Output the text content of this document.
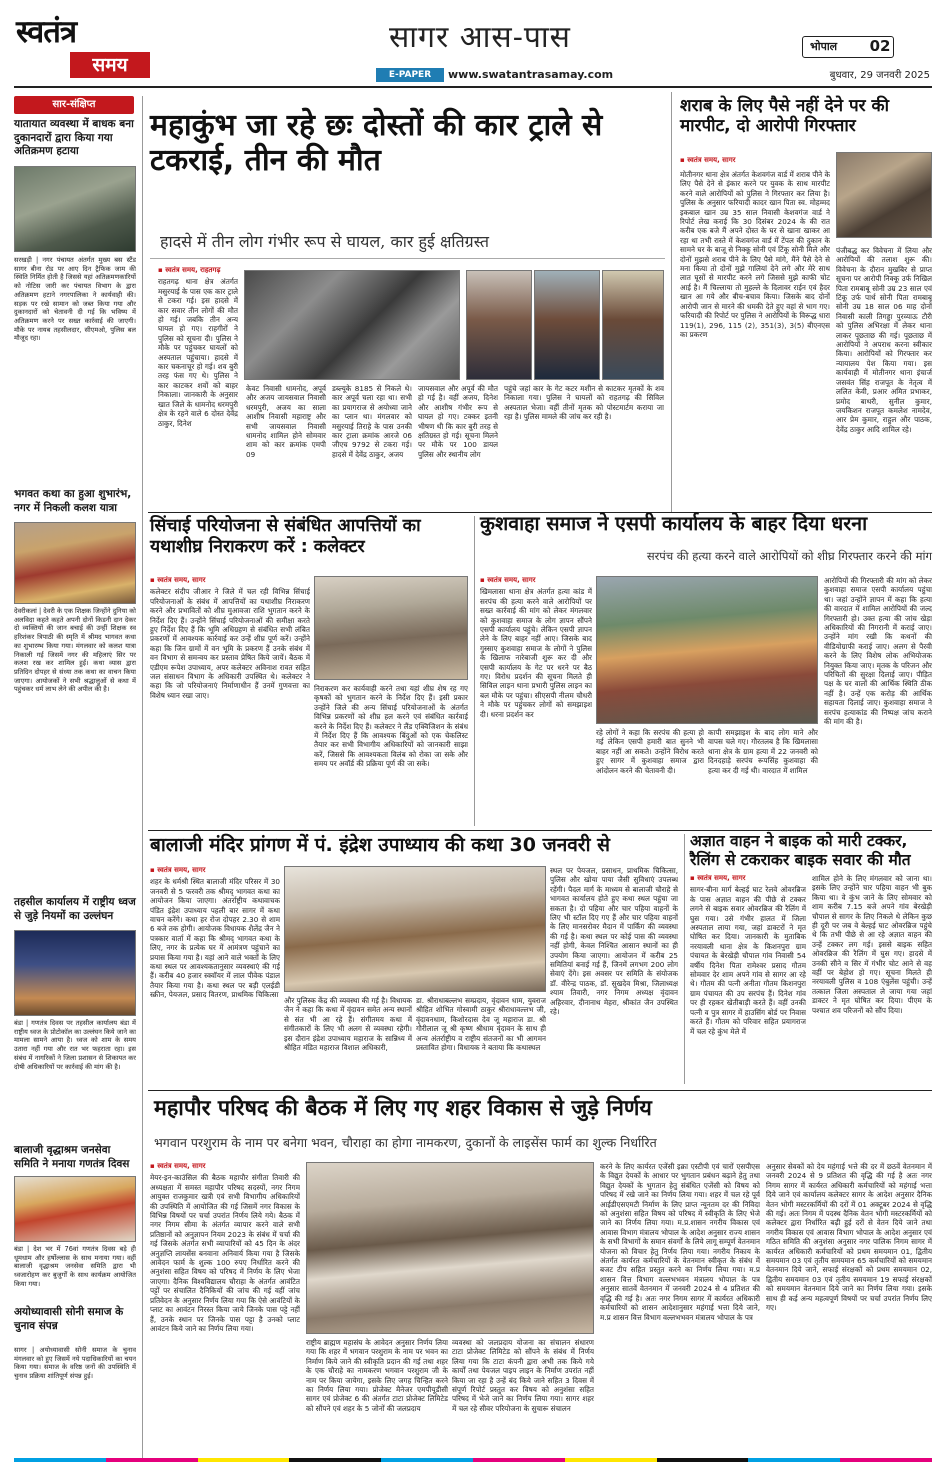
स्वतंत्र
समय
सागर आस-पास
E-PAPER	www.swatantrasamay.com
भोपाल	02
बुधवार, 29 जनवरी 2025
सार-संक्षिप्त
यातायात व्यवस्था में बाधक बना दुकानदारों द्वारा किया गया अतिक्रमण हटाया
सरखड़ी | नगर पंचायत अंतर्गत मुख्य बस स्टैंड सागर बीना रोड पर आए दिन ट्रैफिक जाम की स्थिति निर्मित होती है जिससे यहां अतिक्रमणकारियों को नोटिस जारी कर पंचायत विभाग के द्वारा अतिक्रमण हटाने नगरपालिका ने कार्यवाही की। सड़क पर रखे सामान को जब्त किया गया और दुकानदारों को चेतावनी दी गई कि भविष्य में अतिक्रमण करने पर सख्त कार्रवाई की जाएगी। मौके पर नायब तहसीलदार, सीएमओ, पुलिस बल मौजूद रहा।
भगवत कथा का हुआ शुभारंभ, नगर में निकली कलश यात्रा
देवरीकलां | देवरी के एक शिक्षक जिन्होंने दुनिया को अलविदा कहते कहते अपनी दोनों किडनी दान देकर दो व्यक्तियों की जान बचाई की उन्हीं शिक्षक स्व हरिशंकर त्रिपाठी की स्मृति में श्रीमद भागवत कथा का शुभारम्भ किया गया। मंगलवार को कलश यात्रा निकाली गई जिसमें नगर की महिलाएं सिर पर कलश रख कर शामिल हुईं। कथा व्यास द्वारा प्रतिदिन दोपहर से संध्या तक कथा का वाचन किया जाएगा। आयोजकों ने सभी श्रद्धालुओं से कथा में पहुंचकर धर्म लाभ लेने की अपील की है।
तहसील कार्यालय में राष्ट्रीय ध्वज से जुड़े नियमों का उल्लंघन
बंडा | गणतंत्र दिवस पर तहसील कार्यालय बंडा में राष्ट्रीय ध्वज के प्रोटोकॉल का उल्लंघन किये जाने का मामला सामने आया है। ध्वज को शाम के समय उतारा नहीं गया और रात भर फहराता रहा। इस संबंध में नागरिकों ने जिला प्रशासन से शिकायत कर दोषी अधिकारियों पर कार्रवाई की मांग की है।
बालाजी वृद्धाश्रम जनसेवा समिति ने मनाया गणतंत्र दिवस
बंडा | देश भर में 76वां गणतंत्र दिवस बड़े ही धूमधाम और हर्षोल्लास के साथ मनाया गया। वहीं बालाजी वृद्धाश्रम जनसेवा समिति द्वारा भी ध्वजारोहण कर बुजुर्गों के साथ कार्यक्रम आयोजित किया गया।
अयोध्यावासी सोनी समाज के चुनाव संपन्न
सागर | अयोध्यावासी सोनी समाज के चुनाव मंगलवार को हुए जिसमें नये पदाधिकारियों का चयन किया गया। समाज के वरिष्ठ जनों की उपस्थिति में चुनाव प्रक्रिया शांतिपूर्ण संपन्न हुई।
महाकुंभ जा रहे छः दोस्तों की कार ट्राले से टकराई, तीन की मौत
हादसे में तीन लोग गंभीर रूप से घायल, कार हुई क्षतिग्रस्त
▪ स्वतंत्र समय, राहतगढ़
राहतगढ़ थाना क्षेत्र अंतर्गत मसुरयाई के पास एक कार ट्राले से टकरा गई। इस हादसे में कार सवार तीन लोगों की मौत हो गई। जबकि तीन अन्य घायल हो गए। राहगीरों ने पुलिस को सूचना दी। पुलिस ने मौके पर पहुंचकर घायलों को अस्पताल पहुंचाया। हादसे में कार चकनाचूर हो गई। शव बुरी तरह फंस गए थे। पुलिस ने कार काटकर शवों को बाहर निकाला। जानकारी के अनुसार खात जिले के धामनोद धरमपुरी क्षेत्र के रहने वाले 6 दोस्त देवेंद्र ठाकुर, दिनेश
केवट निवासी धामनोद, अपूर्व और अजय जायसवाल निवासी धरमपुरी, अजय का साला आशीष निवासी महाराष्ट्र और सभी जायसवाल निवासी धामनोद शामिल होने सोमवार शाम को कार क्रमांक एमपी 09
डब्ल्यूके 8185 से निकले थे। कार अपूर्व चला रहा था। सभी का प्रयागराज से अयोध्या जाने का प्लान था। मंगलवार को मसुरयाई तिराहे के पास उनकी कार ट्राला क्रमांक आरजे 06 जीएच 9792 से टकरा गई। हादसे में देवेंद्र ठाकुर, अजय
जायसवाल और अपूर्व की मौत हो गई है। वहीं अजय, दिनेश और आशीष गंभीर रूप से घायल हो गए। टक्कर इतनी भीषण थी कि कार बुरी तरह से क्षतिग्रस्त हो गई। सूचना मिलने पर मौके पर 100 डायल पुलिस और स्थानीय लोग
पहुंचे जहां कार के गेट कटर मशीन से काटकर मृतकों के शव निकाला गया। पुलिस ने घायलों को राहतगढ़ की सिविल अस्पताल भेजा। वहीं तीनों मृतक को पोस्टमार्टम कराया जा रहा है। पुलिस मामले की जांच कर रही है।
शराब के लिए पैसे नहीं देने पर की मारपीट, दो आरोपी गिरफ्तार
▪ स्वतंत्र समय, सागर
मोतीनगर थाना क्षेत्र अंतर्गत केशवगंज वार्ड में शराब पीने के लिए पैसे देने से इंकार करने पर युवक के साथ मारपीट करने वाले आरोपियों को पुलिस ने गिरफ्तार कर लिया है। पुलिस के अनुसार फरियादी कादर खान पिता स्व. मोहम्मद इकबाल खान उम्र 35 साल निवासी केशवगंज वार्ड ने रिपोर्ट लेख कराई कि 30 दिसंबर 2024 के की रात करीब एक बजे मैं अपने दोस्त के घर से खाना खाकर आ रहा था तभी रास्ते में केशवगंज वार्ड में टेंपल की दुकान के सामने घर के बाजू से निक्कू सोनी एवं टिंकू सोनी मिले और दोनों मुझसे शराब पीने के लिए पैसे मांगे, मैंने पैसे देने से मना किया तो दोनों मुझे गालियां देने लगे और मेरे साथ लात घूसों से मारपीट करने लगे जिससे मुझे काफी चोट आई है। मैं चिल्लाया तो मुहल्ले के दिलावर राईन एवं हैदर खान आ गये और बीच-बचाव किया। जिसके बाद दोनों आरोपी जान से मारने की धमकी देते हुए वहां से भाग गए। फरियादी की रिपोर्ट पर पुलिस ने आरोपियों के विरूद्ध धारा 119(1), 296, 115 (2), 351(3), 3(5) बीएनएस का प्रकरण
पंजीबद्ध कर विवेचना में लिया और आरोपियों की तलाश शुरू की। विवेचना के दौरान मुखबिर से प्राप्त सूचना पर आरोपी निक्कू उर्फ निखिल पिता रामबाबू सोनी उम्र 23 साल एवं टिंकू उर्फ पार्थ सोनी पिता रामबाबू सोनी उम्र 18 साल 06 माह दोनों निवासी काली तिगड्डा पुरव्याऊ टौरी को पुलिस अभिरक्षा में लेकर थाना लाकर पूछताछ की गई। पूछताछ में आरोपियों ने अपराध करना स्वीकार किया। आरोपियों को गिरफ्तार कर न्यायालय पेश किया गया। इस कार्यवाही में मोतीनगर थाना इंचार्ज जसवंत सिंह राजपूत के नेतृत्व में ललित केवी, प्रआर अमित प्रभाकर, प्रमोद बाथरी, सुनील कुमार, जयकिशन राजपूत कमलेश नामदेव, आर प्रेम कुमार, राहुल और पाठक, देवेंद्र ठाकुर आदि शामिल रहे।
सिंचाई परियोजना से संबंधित आपत्तियों का यथाशीघ्र निराकरण करें : कलेक्टर
▪ स्वतंत्र समय, सागर
कलेक्टर संदीप जीआर ने जिले में चल रही विभिन्न सिंचाई परियोजनाओं के संबंध में आपत्तियों का यथाशीघ्र निराकरण करने और प्रभावितों को शीघ्र मुआवजा राशि भुगतान करने के निर्देश दिए हैं। उन्होंने सिंचाई परियोजनाओं की समीक्षा करते हुए निर्देश दिए हैं कि भूमि अधिग्रहण से संबंधित सभी लंबित प्रकरणों में आवश्यक कार्रवाई कर उन्हें शीघ्र पूर्ण करें। उन्होंने कहा कि जिन ग्रामों में वन भूमि के प्रकरण हैं उनके संबंध में वन विभाग से समन्वय कर प्रस्ताव प्रेषित किये जायें। बैठक में एडीएम रूपेश उपाध्याय, अपर कलेक्टर अविनाश रावत सहित जल संसाधन विभाग के अधिकारी उपस्थित थे। कलेक्टर ने कहा कि जो परियोजनाएं निर्माणाधीन हैं उनमें गुणवत्ता का विशेष ध्यान रखा जाए।
निराकरण कर कार्यवाही करने तथा यहां शीघ्र शेष रह गए कृषकों को भुगतान करने के निर्देश दिए हैं। इसी प्रकार उन्होंने जिले की अन्य सिंचाई परियोजनाओं के अंतर्गत विभिन्न प्रकरणों को शीघ्र हल करने एवं संबंधित कार्रवाई करने के निर्देश दिए हैं। कलेक्टर ने लैंड एक्विजिशन के संबंध में निर्देश दिए हैं कि आवश्यक बिंदुओं को एक चेकलिस्ट तैयार कर सभी विभागीय अधिकारियों को जानकारी साझा करें, जिससे कि आवश्यकता विलंब को रोका जा सके और समय पर अवॉर्ड की प्रक्रिया पूर्ण की जा सके।
कुशवाहा समाज ने एसपी कार्यालय के बाहर दिया धरना
सरपंच की हत्या करने वाले आरोपियों को शीघ्र गिरफ्तार करने की मांग
▪ स्वतंत्र समय, सागर
खिमलासा थाना क्षेत्र अंतर्गत हत्या कांड में सरपंच की हत्या करने वाले आरोपियों पर सख्त कार्रवाई की मांग को लेकर मंगलवार को कुशवाहा समाज के लोग ज्ञापन सौंपने एसपी कार्यालय पहुंचे। लेकिन एसपी ज्ञापन लेने के लिए बाहर नहीं आए। जिसके बाद गुस्साए कुशवाहा समाज के लोगों ने पुलिस के खिलाफ नारेबाजी शुरू कर दी और एसपी कार्यालय के गेट पर धरने पर बैठ गए। विरोध प्रदर्शन की सूचना मिलते ही सिविल लाइन थाना प्रभारी पुलिस लाइन का बल मौके पर पहुंचा। सीएसपी नीलम चौधरी ने मौके पर पहुंचकर लोगों को समझाइश दी। धरना प्रदर्शन कर
रहे लोगों ने कहा कि सरपंच की हत्या हो गई लेकिन एसपी हमारी बात सुनने भी बाहर नहीं आ सकते। उन्होंने विरोध करते हुए सागर में कुशवाहा समाज द्वारा आंदोलन करने की चेतावनी दी।
कापी समझाइश के बाद लोग माने और वापस चले गए। गौरतलब है कि खिमलासा थाना क्षेत्र के ग्राम हत्या में 22 जनवरी को दिनदहाड़े सरपंच रूपसिंह कुशवाहा की हत्या कर दी गई थी। वारदात में शामिल
आरोपियों की गिरफ्तारी की मांग को लेकर कुशवाहा समाज एसपी कार्यालय पहुंचा था। जहां उन्होंने ज्ञापन में कहा कि हत्या की वारदात में शामिल आरोपियों की जल्द गिरफ्तारी हो। उक्त हत्या की जांच खेड़ा अधिकारियों की निगरानी में कराई जाए। उन्होंने मांग रखी कि कथनों की वीडियोग्राफी कराई जाए। अलग से पैरवी करने के लिए विशेष लोक अभियोजक नियुक्त किया जाए। मृतक के परिजन और परिचितों की सुरक्षा दिलाई जाए। पीड़ित पक्ष के घर वालों की आर्थिक स्थिति ठीक नहीं है। उन्हें एक करोड़ की आर्थिक सहायता दिलाई जाए। कुशवाहा समाज ने सरपंच हत्याकांड की निष्पक्ष जांच कराने की मांग की है।
बालाजी मंदिर प्रांगण में पं. इंद्रेश उपाध्याय की कथा 30 जनवरी से
▪ स्वतंत्र समय, सागर
शहर के धर्मश्री स्थित बालाजी मंदिर परिसर में 30 जनवरी से 5 फरवरी तक श्रीमद् भागवत कथा का आयोजन किया जाएगा। अंतर्राष्ट्रीय कथावाचक पंडित इंद्रेश उपाध्याय पहली बार सागर में कथा वाचन करेंगे। कथा हर रोज दोपहर 2.30 से शाम 6 बजे तक होगी। आयोजक विधायक शैलेंद्र जैन ने पत्रकार वार्ता में कहा कि श्रीमद् भागवत कथा के लिए, नगर के प्रत्येक घर में आमंत्रण पहुंचाने का प्रयास किया गया है। यहां आने वाले भक्तों के लिए कथा स्थल पर आवश्यकतानुसार व्यवस्थाएं की गई हैं। करीब 40 हजार स्क्वॉयर में लाल पीवेक पंडाल तैयार किया गया है। कथा स्थल पर बड़ी एलईडी स्क्रीन, पेयजल, प्रसाद वितरण, प्राथमिक चिकित्सा
और पुलिस्क केंद्र की व्यवस्था की गई है। विधायक जैन ने कहा कि कथा में वृंदावन समेत अन्य स्थानों से संत भी आ रहे हैं। संगीतमय कथा में संगीतकारों के लिए भी अलग से व्यवस्था रहेगी। इस दौरान इंद्रेश उपाध्याय महाराज के सान्निध्य में श्रीहित मंडित महाराज विशाल अधिकारी,
डा. श्रीराधाबल्लभ सम्प्रदाय, वृंदावन धाम, युवराज श्रीहित शोभित गोस्वामी ठाकुर श्रीराधावल्लभ जी, वृंदावनधाम, किशोरदास देव जू महाराज डा. श्री गौरीलाल जू श्री कृष्ण श्रीधाम वृंदावन के साथ ही अन्य अंतर्राष्ट्रीय व राष्ट्रीय संतजनों का भी आगमन प्रस्तावित होगा। विधायक ने बताया कि कथास्थल
स्थल पर पेयजल, प्रसाधन, प्राथमिक चिकित्सा, पुलिस और खोया पाया जैसी सुविधाएं उपलब्ध रहेंगी। पैदल मार्ग के माध्यम से बालाजी चौराहे से भागवत कार्यालय होते हुए कथा स्थल पहुंचा जा सकता है। दो पहिया और चार पहिया वाहनों के लिए भी स्टॉल दिए गए हैं और चार पहिया वाहनों के लिए मानसरोवर मैदान में पार्किंग की व्यवस्था की गई है। कथा स्थल पर कोई पास की व्यवस्था नहीं होगी, केवल निश्चित आसान स्थानों का ही उपयोग किया जाएगा। आयोजन में करीब 25 समितियां बनाई गई हैं, जिनमें लगभग 200 लोग सेवाएं देंगे। इस अवसर पर समिति के संयोजक डॉ. वीरेन्द्र पाठक, डॉ. सुखदेव मिश्रा, जिलाध्यक्ष श्याम तिवारी, नगर निगम अध्यक्ष वृंदावन अहिरवार, दीनानाथ मेहरा, श्रीकांत जैन उपस्थित रहे।
अज्ञात वाहन ने बाइक को मारी टक्कर, रैलिंग से टकराकर बाइक सवार की मौत
▪ स्वतंत्र समय, सागर
सागर-बीना मार्ग बेल्हई घाट रेलवे ओवरब्रिज के पास अज्ञात वाहन की पीछे से टक्कर लगने से बाइक सवार ओवरब्रिज की रैलिंग में घुस गया। उसे गंभीर हालत में जिला अस्पताल लाया गया, जहां डाक्टरों ने मृत घोषित कर दिया। जानकारी के मुताबिक नरयावली थाना क्षेत्र के किशनपुरा ग्राम पंचायत के बेरखेड़ी चौपाल गांव निवासी 54 वर्षीय दिनेश पिता रामेश्वर प्रसाद गौतम सोमवार देर शाम अपने गांव से सागर आ रहे थे। गौतम की पत्नी अनीता गौतम किशनपुरा ग्राम पंचायत की उप सरपंच हैं। दिनेश गांव पर ही रहकर खेतीबाड़ी करते हैं। वहीं उनकी पत्नी व पुत्र सागर में हाउसिंग बोर्ड पर निवास करते हैं। गौतम को परिवार सहित प्रयागराज में चल रहे कुंभ मेले में
शामिल होने के लिए मंगलवार को जाना था। इसके लिए उन्होंने चार पहिया वाहन भी बुक किया था। वे कुंभ जाने के लिए सोमवार को शाम करीब 7.15 बजे अपने गांव बेरखेड़ी चौपाल से सागर के लिए निकले थे लेकिन कुछ ही दूरी पर जब वे बेल्हई घाट ओवरब्रिज पहुंचे थे कि तभी पीछे से आ रहे अज्ञात वाहन की उन्हें टक्कर लग गई। इससे बाइक सहित ओवरब्रिज की रैलिंग में घुस गए। हादसे में उनकी सीने व सिर में गंभीर चोट आने से वह वहीं पर बेहोश हो गए। सूचना मिलते ही नरयावली पुलिस व 108 एंबुलेंस पहुंची। उन्हें तत्काल जिला अस्पताल ले जाया गया जहां डाक्टर ने मृत घोषित कर दिया। पीएम के पश्चात शव परिजनों को सौंप दिया।
महापौर परिषद की बैठक में लिए गए शहर विकास से जुड़े निर्णय
भगवान परशुराम के नाम पर बनेगा भवन, चौराहा का होगा नामकरण, दुकानों के लाइसेंस फार्म का शुल्क निर्धारित
▪ स्वतंत्र समय, सागर
मेयर-इन-काउंसिल की बैठक महापौर संगीता तिवारी की अध्यक्षता में समस्त महापौर परिषद सदस्यों, नगर निगम आयुक्त राजकुमार खत्री एवं सभी विभागीय अधिकारियों की उपस्थिति में आयोजित की गई जिसमें नगर विकास के विभिन्न विषयों पर चर्चा उपरांत निर्णय लिये गये। बैठक में नगर निगम सीमा के अंतर्गत व्यापार करने वाले सभी प्रतिष्ठानों को अनुज्ञापन नियम 2023 के संबंध में चर्चा की गई जिसके अंतर्गत सभी व्यापारियों को 45 दिन के अंदर अनुज्ञप्ति लायसेंस बनवाना अनिवार्य किया गया है जिसके आवेदन फार्म के शुल्क 100 रुपए निर्धारित करने की अनुशंसा सहित विषय को परिषद में निर्णय के लिए भेजा जाएगा। दैनिक विश्वविद्यालय चौराहा के अंतर्गत आवंटित पट्टों पर संचालित दैनिकियों की जांच की गई वहीं जांच प्रतिवेदन के अनुसार निर्णय लिया गया कि ऐसे आवंटियों के प्लाट का आवंटन निरस्त किया जाये जिनके पास पट्टे नहीं हैं, उनके स्थान पर जिनके पास पट्टा है उनको प्लाट आवंटन किये जाने का निर्णय लिया गया।
राष्ट्रीय ब्राह्मण महासंघ के आवेदन अनुसार निर्णय लिया गया कि शहर में भगवान परशुराम के नाम पर भवन का निर्माण किये जाने की स्वीकृति प्रदान की गई तथा शहर के एक चौराहे का नामकरण भगवान परशुराम जी के नाम पर किया जायेगा, इसके लिए जगह चिन्हित करने का निर्णय लिया गया। प्रोजेक्ट मैनेजर एमपीयूडीसी सागर एवं प्रोजेक्ट 6 की अंतर्गत टाटा प्रोजेक्ट लिमिटेड को सौंपने एवं शहर के 5 जोनों की जलप्रदाय
व्यवस्था को जलप्रदाय योजना का संचालन संधारण टाटा प्रोजेक्ट लिमिटेड को सौंपने के संबंध में निर्णय लिया गया कि टाटा कंपनी द्वारा अभी तक किये गये कार्यों तथा पेयजल पाइप लाइन के निर्माण उपरांत नहीं किया जा रहा है उन्हें बंद किये जाने सहित 3 दिवस में संपूर्ण रिपोर्ट प्रस्तुत कर विषय को अनुशंसा सहित परिषद में भेजे जाने का निर्णय लिया गया। सागर शहर में चल रहे सीवर परियोजना के सुचारू संचालन
करने के लिए कार्यरत एजेंसी इक्रा एस्टीपी एवं चारों एसपीएस के विद्युत देयकों के आधार पर भुगतान प्रबंधन बढ़ाने हेतु तथा विद्युत देयकों के भुगतान हेतु संबंधित एजेंसी को विषय को परिषद में रखे जाने का निर्णय लिया गया। शहर में चल रहे पूर्व आईडीएसएमटी निर्माण के लिए प्राप्त न्यूनतम दर की निविदा को अनुशंसा सहित विषय को परिषद में स्वीकृति के लिए भेजे जाने का निर्णय लिया गया। म.प्र.शासन नगरीय विकास एवं आवास विभाग मंत्रालय भोपाल के आदेश अनुसार राज्य शासन के सभी विभागों के समान संवर्गों के लिये लागू सम्पूर्ण वेतनमान योजना को विचार हेतु निर्णय लिया गया। नगरीय निकाय के अंतर्गत कार्यरत कर्मचारियों के वेतनमान स्वीकृत के संबंध में बजट टीप सहित प्रस्तुत करने का निर्णय लिया गया। म.प्र शासन वित्त विभाग वल्लभभवन मंत्रालय भोपाल के पत्र अनुसार सातवें वेतनमान में जनवरी 2024 से 4 प्रतिशत की वृद्धि की गई है। अतः नगर निगम सागर में कार्यरत अधिकारी कर्मचारियों को शासन आदेशानुसार महंगाई भत्ता दिये जाने, म.प्र शासन वित्त विभाग वल्लभभवन मंत्रालय भोपाल के पत्र
अनुसार सेवकों को देय महंगाई भत्ते की दर में छठवें वेतनमान में जनवरी 2024 से 9 प्रतिशत की वृद्धि की गई है अतः नगर निगम सागर में कार्यरत अधिकारी कर्मचारियों को महंगाई भत्ता दिये जाने एवं कार्यालय कलेक्टर सागर के आदेश अनुसार दैनिक वेतन भोगी मस्टरकर्मियों की दरों में 01 अक्टूबर 2024 से वृद्धि की गई। अतः निगम में पदस्थ दैनिक वेतन भोगी मस्टरकर्मियों को कलेक्टर द्वारा निर्धारित बढ़ी हुई दरों से वेतन दिये जाने तथा नगरीय विकास एवं आवास विभाग भोपाल के आदेश अनुसार एवं गठित समिति की अनुशंसा अनुसार नगर पालिक निगम सागर में कार्यरत अधिकारी कर्मचारियों को प्रथम समयमान 01, द्वितीय समयमान 03 एवं तृतीय समयमान 65 कर्मचारियों को समयमान वेतनमान दिये जाने, सफाई संरक्षकों को प्रथम समयमान 02, द्वितीय समयमान 03 एवं तृतीय समयमान 19 सफाई संरक्षकों को समयमान वेतनमान दिये जाने का निर्णय लिया गया। इसके साथ ही कई अन्य महत्वपूर्ण विषयों पर चर्चा उपरांत निर्णय लिए गए।
